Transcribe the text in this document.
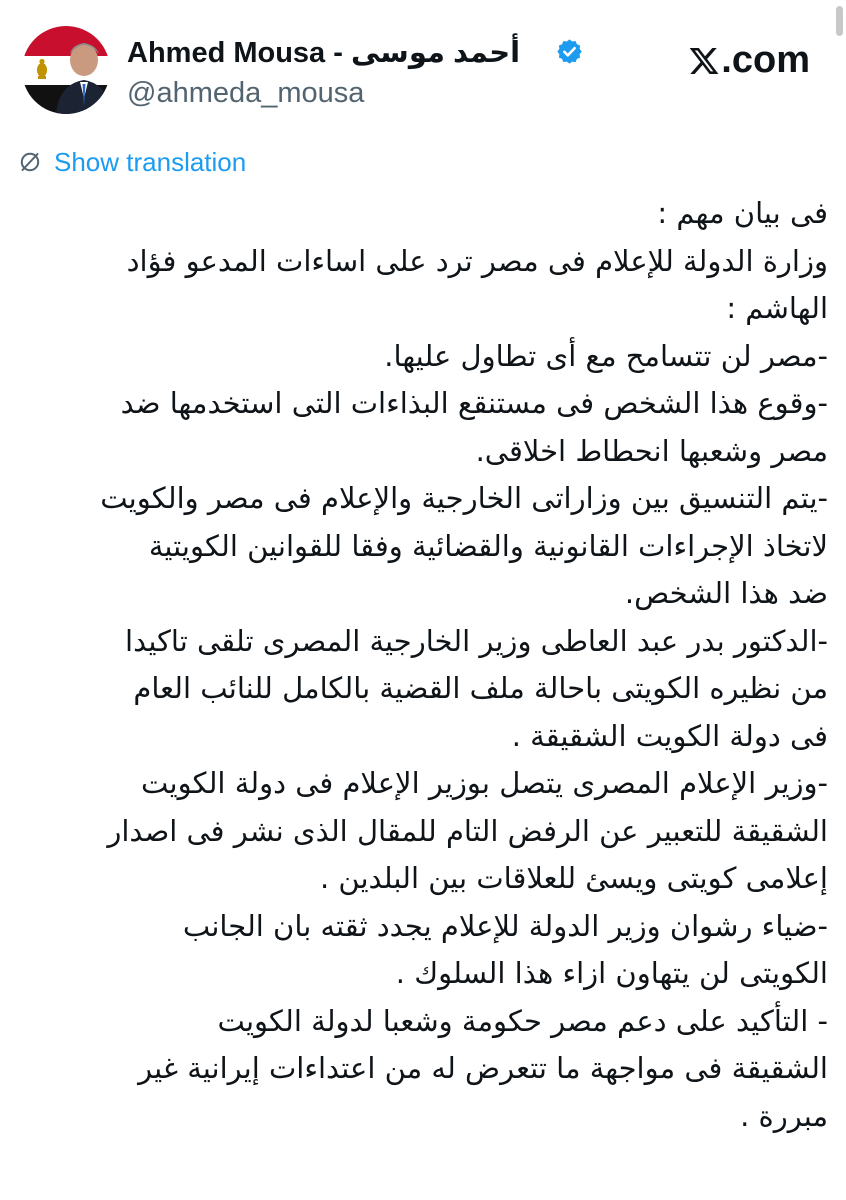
Ahmed Mousa - أحمد موسى
@ahmeda_mousa
.com
Show translation
فى بيان مهم :
وزارة الدولة للإعلام فى مصر ترد على اساءات المدعو فؤاد
الهاشم :
-مصر لن تتسامح مع أى تطاول عليها.
-وقوع هذا الشخص فى مستنقع البذاءات التى استخدمها ضد
مصر وشعبها انحطاط اخلاقى.
-يتم التنسيق بين وزاراتى الخارجية والإعلام فى مصر والكويت
لاتخاذ الإجراءات القانونية والقضائية وفقا للقوانين الكويتية
ضد هذا الشخص.
-الدكتور بدر عبد العاطى وزير الخارجية المصرى تلقى تاكيدا
من نظيره الكويتى باحالة ملف القضية بالكامل للنائب العام
فى دولة الكويت الشقيقة .
-وزير الإعلام المصرى يتصل بوزير الإعلام فى دولة الكويت
الشقيقة للتعبير عن الرفض التام للمقال الذى نشر فى اصدار
إعلامى كويتى ويسئ للعلاقات بين البلدين .
-ضياء رشوان وزير الدولة للإعلام يجدد ثقته بان الجانب
الكويتى لن يتهاون ازاء هذا السلوك .
- التأكيد على دعم مصر حكومة وشعبا لدولة الكويت
الشقيقة فى مواجهة ما تتعرض له من اعتداءات إيرانية غير
مبررة .
